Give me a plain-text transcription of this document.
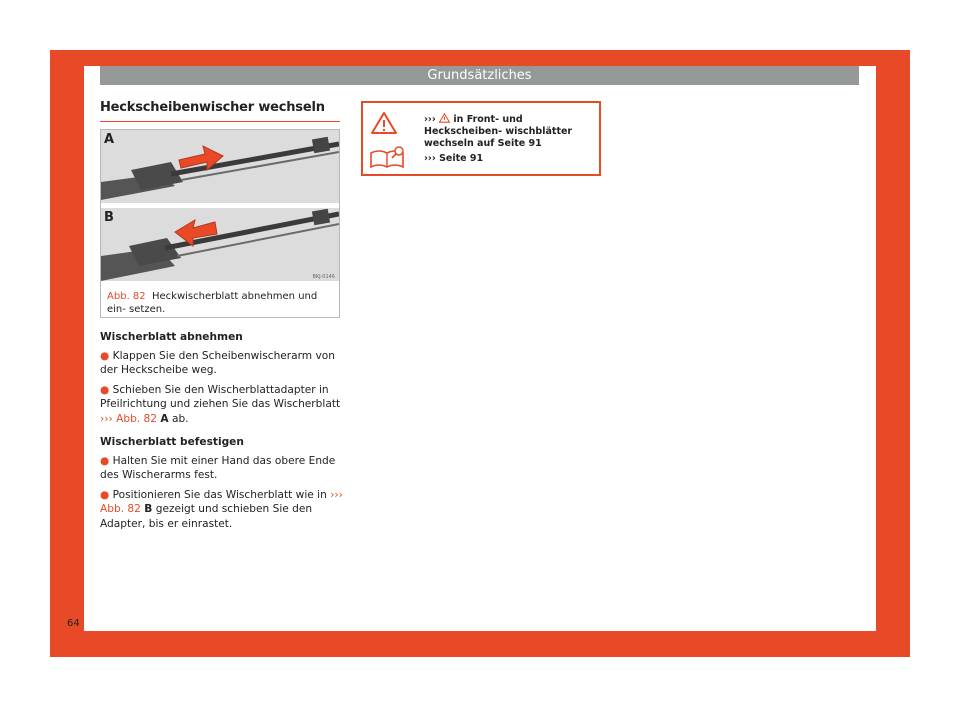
Grundsätzliches
Heckscheibenwischer wechseln
A
B
BKJ-0146
Abb. 82 Heckwischerblatt abnehmen und ein- setzen.
Wischerblatt abnehmen
● Klappen Sie den Scheibenwischerarm von der Heckscheibe weg.
● Schieben Sie den Wischerblattadapter in Pfeilrichtung und ziehen Sie das Wischerblatt ››› Abb. 82 A ab.
Wischerblatt befestigen
● Halten Sie mit einer Hand das obere Ende des Wischerarms fest.
● Positionieren Sie das Wischerblatt wie in ››› Abb. 82 B gezeigt und schieben Sie den Adapter, bis er einrastet.
››› in Front- und Heckscheiben- wischblätter wechseln auf Seite 91
››› Seite 91
64
